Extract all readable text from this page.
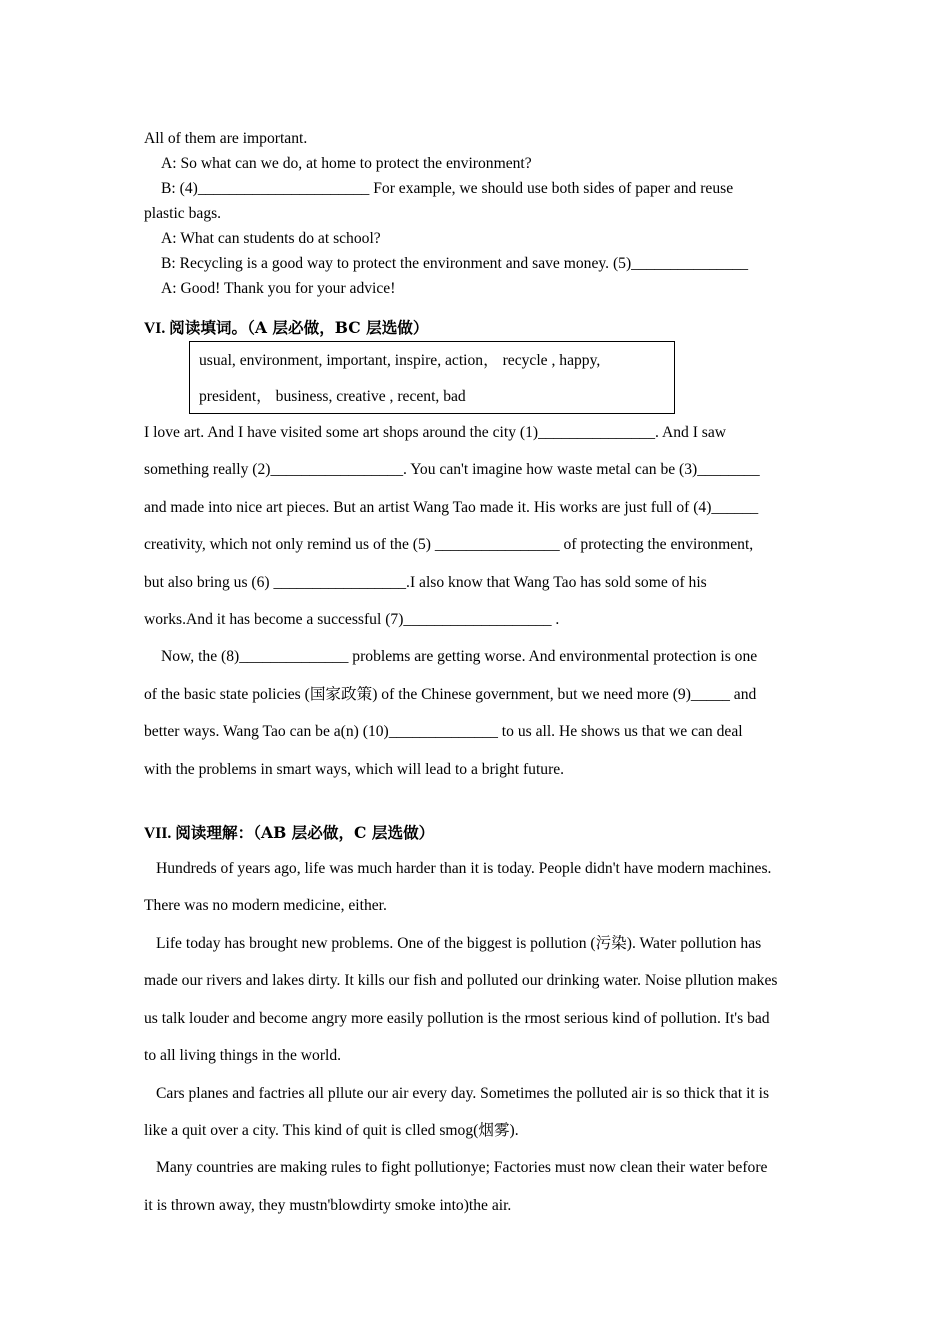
All of them are important.
A: So what can we do, at home to protect the environment?
B: (4)______________________ For example, we should use both sides of paper and reuse
plastic bags.
A: What can students do at school?
B: Recycling is a good way to protect the environment and save money. (5)_______________
A: Good! Thank you for your advice!
VI. 阅读填词。（A 层必做，BC 层选做）
usual, environment, important, inspire, action， recycle , happy,
president， business, creative , recent, bad
I love art. And I have visited some art shops around the city (1)_______________. And I saw
something really (2)_________________. You can't imagine how waste metal can be (3)________
and made into nice art pieces. But an artist Wang Tao made it. His works are just full of (4)______
creativity, which not only remind us of the (5) ________________ of protecting the environment,
but also bring us (6) _________________.I also know that Wang Tao has sold some of his
works.And it has become a successful (7)___________________ .
Now, the (8)______________ problems are getting worse. And environmental protection is one
of the basic state policies (国家政策) of the Chinese government, but we need more (9)_____ and
better ways. Wang Tao can be a(n) (10)______________ to us all. He shows us that we can deal
with the problems in smart ways, which will lead to a bright future.
VII. 阅读理解：（AB 层必做，C 层选做）
Hundreds of years ago, life was much harder than it is today. People didn't have modern machines.
There was no modern medicine, either.
Life today has brought new problems. One of the biggest is pollution (污染). Water pollution has
made our rivers and lakes dirty. It kills our fish and polluted our drinking water. Noise pllution makes
us talk louder and become angry more easily pollution is the rmost serious kind of pollution. It's bad
to all living things in the world.
Cars planes and factries all pllute our air every day. Sometimes the polluted air is so thick that it is
like a quit over a city. This kind of quit is clled smog(烟雾).
Many countries are making rules to fight pollutionye; Factories must now clean their water before
it is thrown away, they mustn'blowdirty smoke into)the air.
